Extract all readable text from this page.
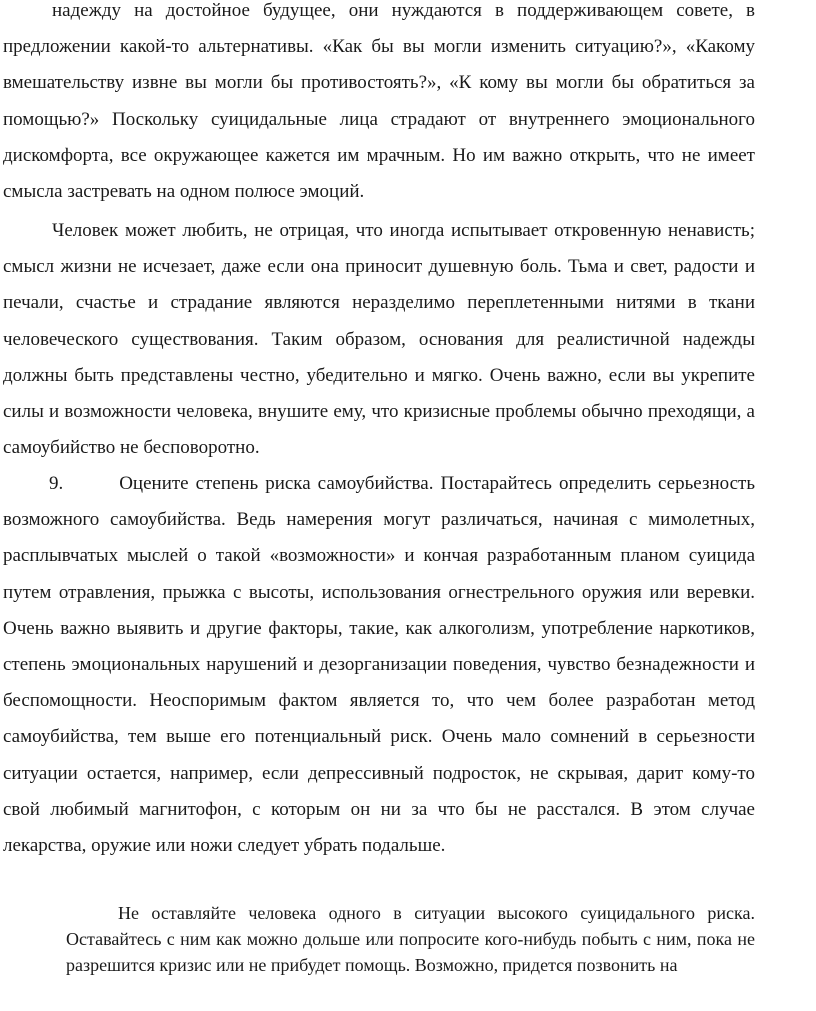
надежду на достойное будущее, они нуждаются в поддерживающем совете, в предложении какой-то альтернативы. «Как бы вы могли изменить ситуацию?», «Какому вмешательству извне вы могли бы противостоять?», «К кому вы могли бы обратиться за помощью?» Поскольку суицидальные лица страдают от внутреннего эмоционального дискомфорта, все окружающее кажется им мрачным. Но им важно открыть, что не имеет смысла застревать на одном полюсе эмоций.

Человек может любить, не отрицая, что иногда испытывает откровенную ненависть; смысл жизни не исчезает, даже если она приносит душевную боль. Тьма и свет, радости и печали, счастье и страдание являются неразделимо переплетенными нитями в ткани человеческого существования. Таким образом, основания для реалистичной надежды должны быть представлены честно, убедительно и мягко. Очень важно, если вы укрепите силы и возможности человека, внушите ему, что кризисные проблемы обычно преходящи, а самоубийство не бесповоротно.

9.        Оцените степень риска самоубийства. Постарайтесь определить серьезность возможного самоубийства. Ведь намерения могут различаться, начиная с мимолетных, расплывчатых мыслей о такой «возможности» и кончая разработанным планом суицида путем отравления, прыжка с высоты, использования огнестрельного оружия или веревки. Очень важно выявить и другие факторы, такие, как алкоголизм, употребление наркотиков, степень эмоциональных нарушений и дезорганизации поведения, чувство безнадежности и беспомощности. Неоспоримым фактом является то, что чем более разработан метод самоубийства, тем выше его потенциальный риск. Очень мало сомнений в серьезности ситуации остается, например, если депрессивный подросток, не скрывая, дарит кому-то свой любимый магнитофон, с которым он ни за что бы не расстался. В этом случае лекарства, оружие или ножи следует убрать подальше.

Не оставляйте человека одного в ситуации высокого суицидального риска. Оставайтесь с ним как можно дольше или попросите кого-нибудь побыть с ним, пока не разрешится кризис или не прибудет помощь. Возможно, придется позвонить на
